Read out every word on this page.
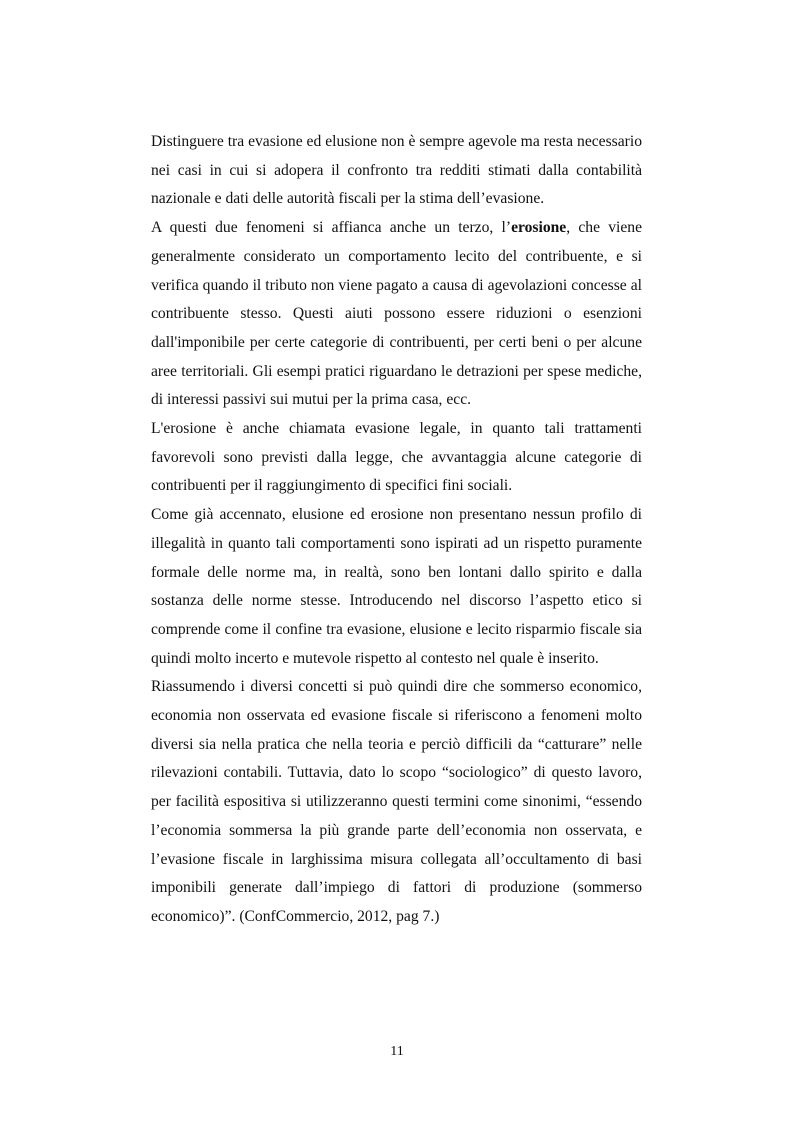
Distinguere tra evasione ed elusione non è sempre agevole ma resta necessario nei casi in cui si adopera il confronto tra redditi stimati dalla contabilità nazionale e dati delle autorità fiscali per la stima dell’evasione.

A questi due fenomeni si affianca anche un terzo, l’erosione, che viene generalmente considerato un comportamento lecito del contribuente, e si verifica quando il tributo non viene pagato a causa di agevolazioni concesse al contribuente stesso. Questi aiuti possono essere riduzioni o esenzioni dall'imponibile per certe categorie di contribuenti, per certi beni o per alcune aree territoriali. Gli esempi pratici riguardano le detrazioni per spese mediche, di interessi passivi sui mutui per la prima casa, ecc.

L'erosione è anche chiamata evasione legale, in quanto tali trattamenti favorevoli sono previsti dalla legge, che avvantaggia alcune categorie di contribuenti per il raggiungimento di specifici fini sociali.

Come già accennato, elusione ed erosione non presentano nessun profilo di illegalità in quanto tali comportamenti sono ispirati ad un rispetto puramente formale delle norme ma, in realtà, sono ben lontani dallo spirito e dalla sostanza delle norme stesse. Introducendo nel discorso l’aspetto etico si comprende come il confine tra evasione, elusione e lecito risparmio fiscale sia quindi molto incerto e mutevole rispetto al contesto nel quale è inserito.

Riassumendo i diversi concetti si può quindi dire che sommerso economico, economia non osservata ed evasione fiscale si riferiscono a fenomeni molto diversi sia nella pratica che nella teoria e perciò difficili da “catturare” nelle rilevazioni contabili. Tuttavia, dato lo scopo “sociologico” di questo lavoro, per facilità espositiva si utilizzeranno questi termini come sinonimi, “essendo l’economia sommersa la più grande parte dell’economia non osservata, e l’evasione fiscale in larghissima misura collegata all’occultamento di basi imponibili generate dall’impiego di fattori di produzione (sommerso economico)”. (ConfCommercio, 2012, pag 7.)

11
